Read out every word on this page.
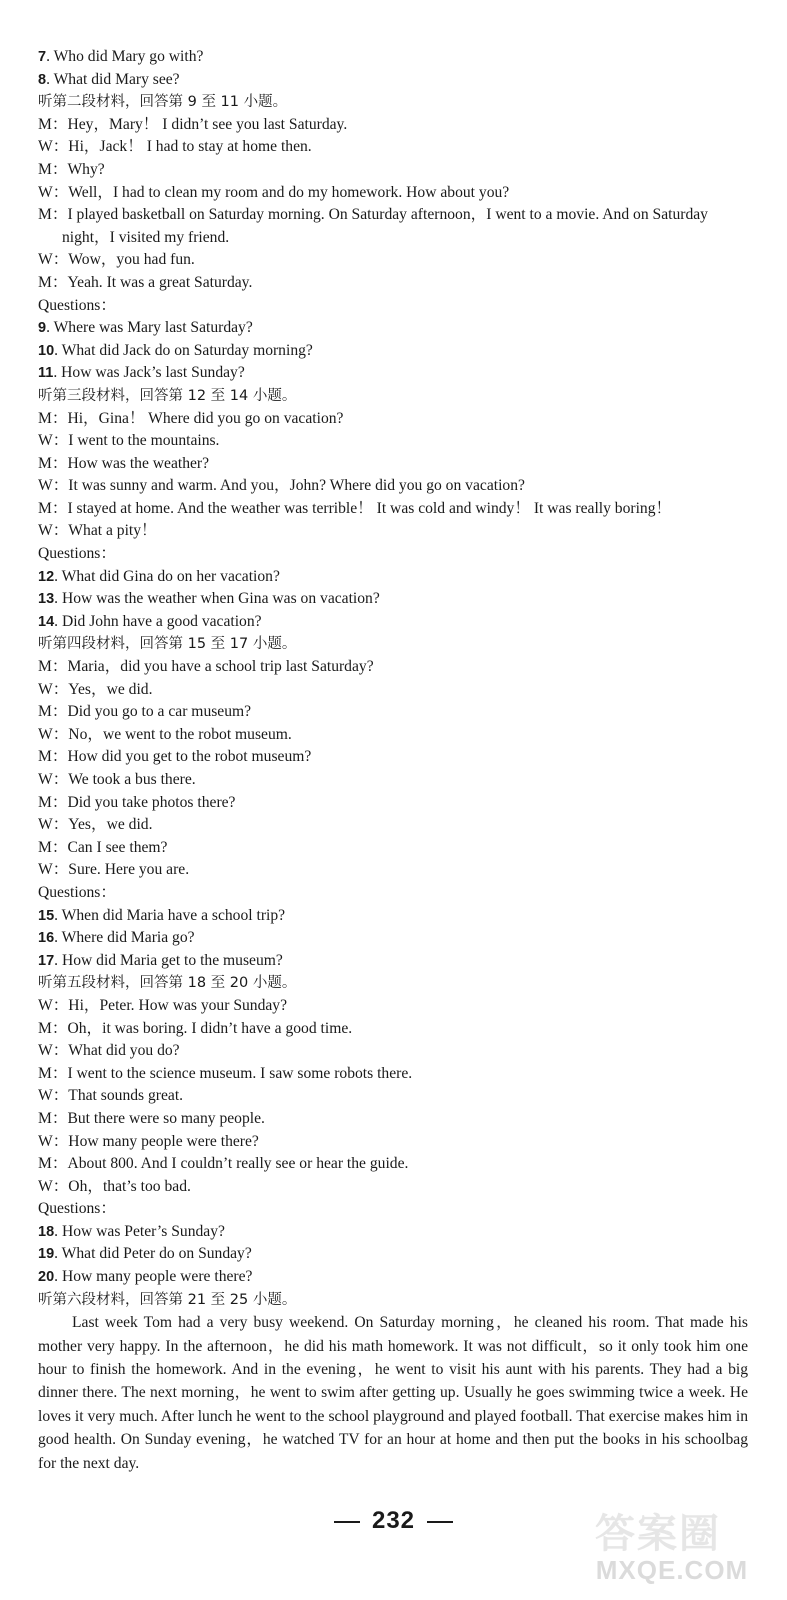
7. Who did Mary go with?
8. What did Mary see?
听第二段材料，回答第 9 至 11 小题。
M：Hey，Mary！ I didn’t see you last Saturday.
W：Hi，Jack！ I had to stay at home then.
M：Why?
W：Well，I had to clean my room and do my homework. How about you?
M：I played basketball on Saturday morning. On Saturday afternoon，I went to a movie. And on Saturday night，I visited my friend.
W：Wow，you had fun.
M：Yeah. It was a great Saturday.
Questions：
9. Where was Mary last Saturday?
10. What did Jack do on Saturday morning?
11. How was Jack’s last Sunday?
听第三段材料，回答第 12 至 14 小题。
M：Hi，Gina！ Where did you go on vacation?
W：I went to the mountains.
M：How was the weather?
W：It was sunny and warm. And you，John? Where did you go on vacation?
M：I stayed at home. And the weather was terrible！ It was cold and windy！ It was really boring！
W：What a pity！
Questions：
12. What did Gina do on her vacation?
13. How was the weather when Gina was on vacation?
14. Did John have a good vacation?
听第四段材料，回答第 15 至 17 小题。
M：Maria，did you have a school trip last Saturday?
W：Yes，we did.
M：Did you go to a car museum?
W：No，we went to the robot museum.
M：How did you get to the robot museum?
W：We took a bus there.
M：Did you take photos there?
W：Yes，we did.
M：Can I see them?
W：Sure. Here you are.
Questions：
15. When did Maria have a school trip?
16. Where did Maria go?
17. How did Maria get to the museum?
听第五段材料，回答第 18 至 20 小题。
W：Hi，Peter. How was your Sunday?
M：Oh，it was boring. I didn’t have a good time.
W：What did you do?
M：I went to the science museum. I saw some robots there.
W：That sounds great.
M：But there were so many people.
W：How many people were there?
M：About 800. And I couldn’t really see or hear the guide.
W：Oh，that’s too bad.
Questions：
18. How was Peter’s Sunday?
19. What did Peter do on Sunday?
20. How many people were there?
听第六段材料，回答第 21 至 25 小题。

Last week Tom had a very busy weekend. On Saturday morning，he cleaned his room. That made his mother very happy. In the afternoon，he did his math homework. It was not difficult，so it only took him one hour to finish the homework. And in the evening，he went to visit his aunt with his parents. They had a big dinner there. The next morning，he went to swim after getting up. Usually he goes swimming twice a week. He loves it very much. After lunch he went to the school playground and played football. That exercise makes him in good health. On Sunday evening，he watched TV for an hour at home and then put the books in his schoolbag for the next day.

232	答案圈
MXQE.COM
